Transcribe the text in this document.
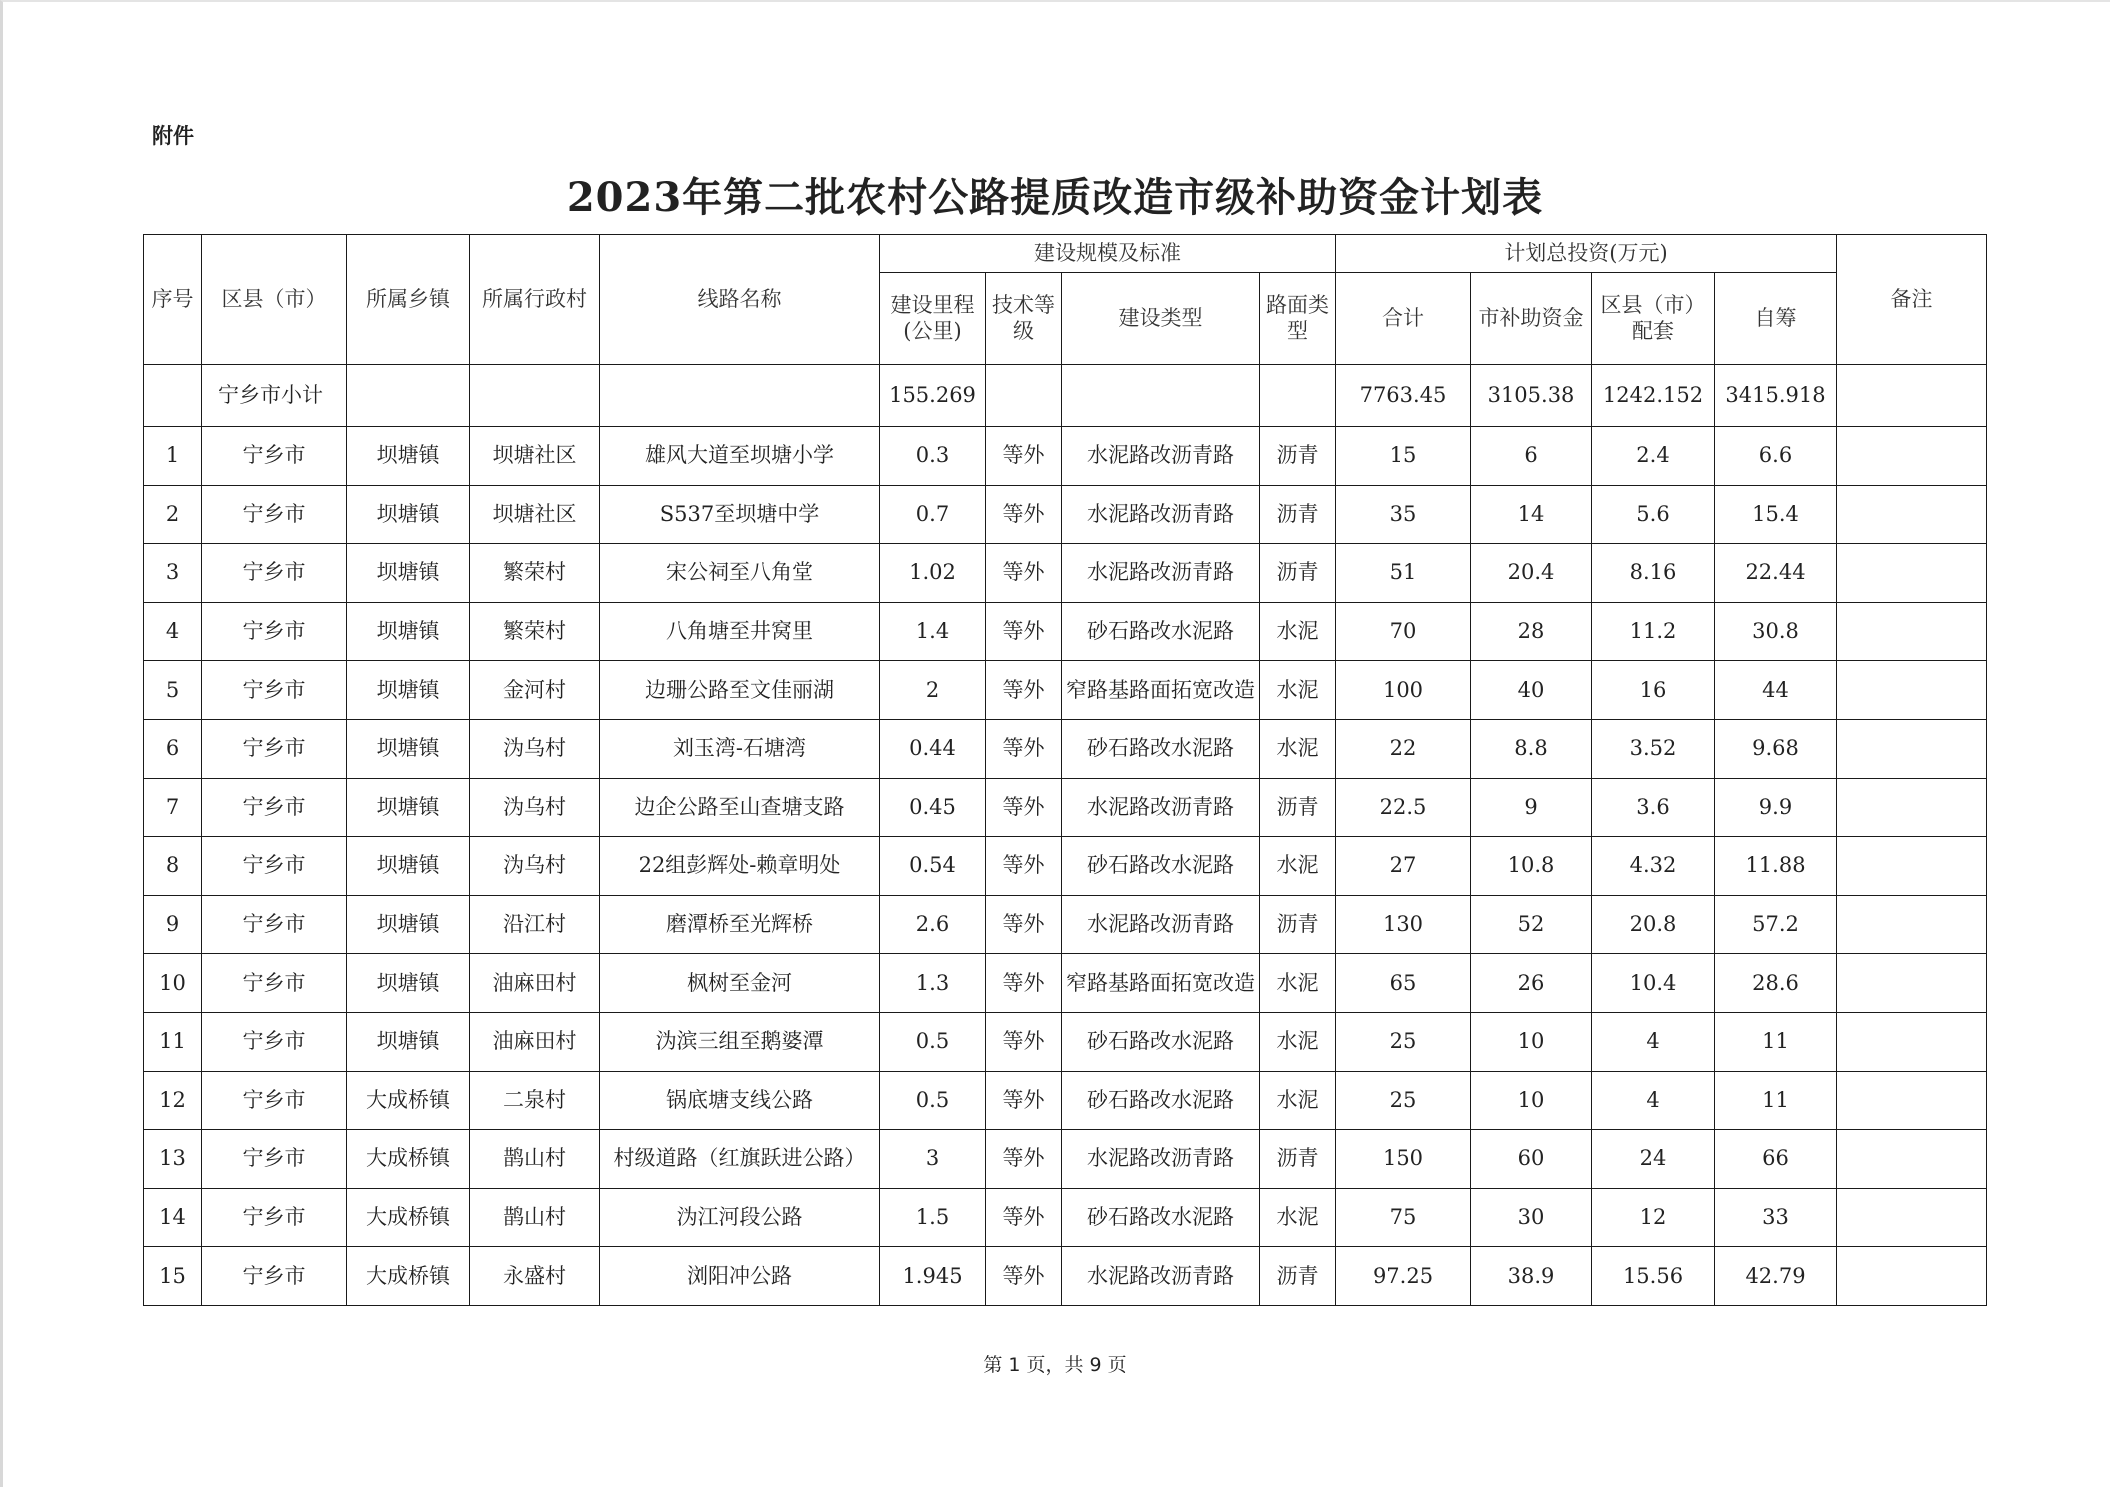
附件
2023年第二批农村公路提质改造市级补助资金计划表
序号	区县（市）	所属乡镇	所属行政村	线路名称	建设规模及标准				计划总投资(万元)				备注
					建设里程(公里)	技术等级	建设类型	路面类型	合计	市补助资金	区县（市）配套	自筹	
	宁乡市小计				155.269				7763.45	3105.38	1242.152	3415.918	
1	宁乡市	坝塘镇	坝塘社区	雄风大道至坝塘小学	0.3	等外	水泥路改沥青路	沥青	15	6	2.4	6.6	
2	宁乡市	坝塘镇	坝塘社区	S537至坝塘中学	0.7	等外	水泥路改沥青路	沥青	35	14	5.6	15.4	
3	宁乡市	坝塘镇	繁荣村	宋公祠至八角堂	1.02	等外	水泥路改沥青路	沥青	51	20.4	8.16	22.44	
4	宁乡市	坝塘镇	繁荣村	八角塘至井窝里	1.4	等外	砂石路改水泥路	水泥	70	28	11.2	30.8	
5	宁乡市	坝塘镇	金河村	边珊公路至文佳丽湖	2	等外	窄路基路面拓宽改造	水泥	100	40	16	44	
6	宁乡市	坝塘镇	沩乌村	刘玉湾-石塘湾	0.44	等外	砂石路改水泥路	水泥	22	8.8	3.52	9.68	
7	宁乡市	坝塘镇	沩乌村	边企公路至山查塘支路	0.45	等外	水泥路改沥青路	沥青	22.5	9	3.6	9.9	
8	宁乡市	坝塘镇	沩乌村	22组彭辉处-赖章明处	0.54	等外	砂石路改水泥路	水泥	27	10.8	4.32	11.88	
9	宁乡市	坝塘镇	沿江村	磨潭桥至光辉桥	2.6	等外	水泥路改沥青路	沥青	130	52	20.8	57.2	
10	宁乡市	坝塘镇	油麻田村	枫树至金河	1.3	等外	窄路基路面拓宽改造	水泥	65	26	10.4	28.6	
11	宁乡市	坝塘镇	油麻田村	沩滨三组至鹅婆潭	0.5	等外	砂石路改水泥路	水泥	25	10	4	11	
12	宁乡市	大成桥镇	二泉村	锅底塘支线公路	0.5	等外	砂石路改水泥路	水泥	25	10	4	11	
13	宁乡市	大成桥镇	鹊山村	村级道路（红旗跃进公路）	3	等外	水泥路改沥青路	沥青	150	60	24	66	
14	宁乡市	大成桥镇	鹊山村	沩江河段公路	1.5	等外	砂石路改水泥路	水泥	75	30	12	33	
15	宁乡市	大成桥镇	永盛村	浏阳冲公路	1.945	等外	水泥路改沥青路	沥青	97.25	38.9	15.56	42.79	
第 1 页，共 9 页
